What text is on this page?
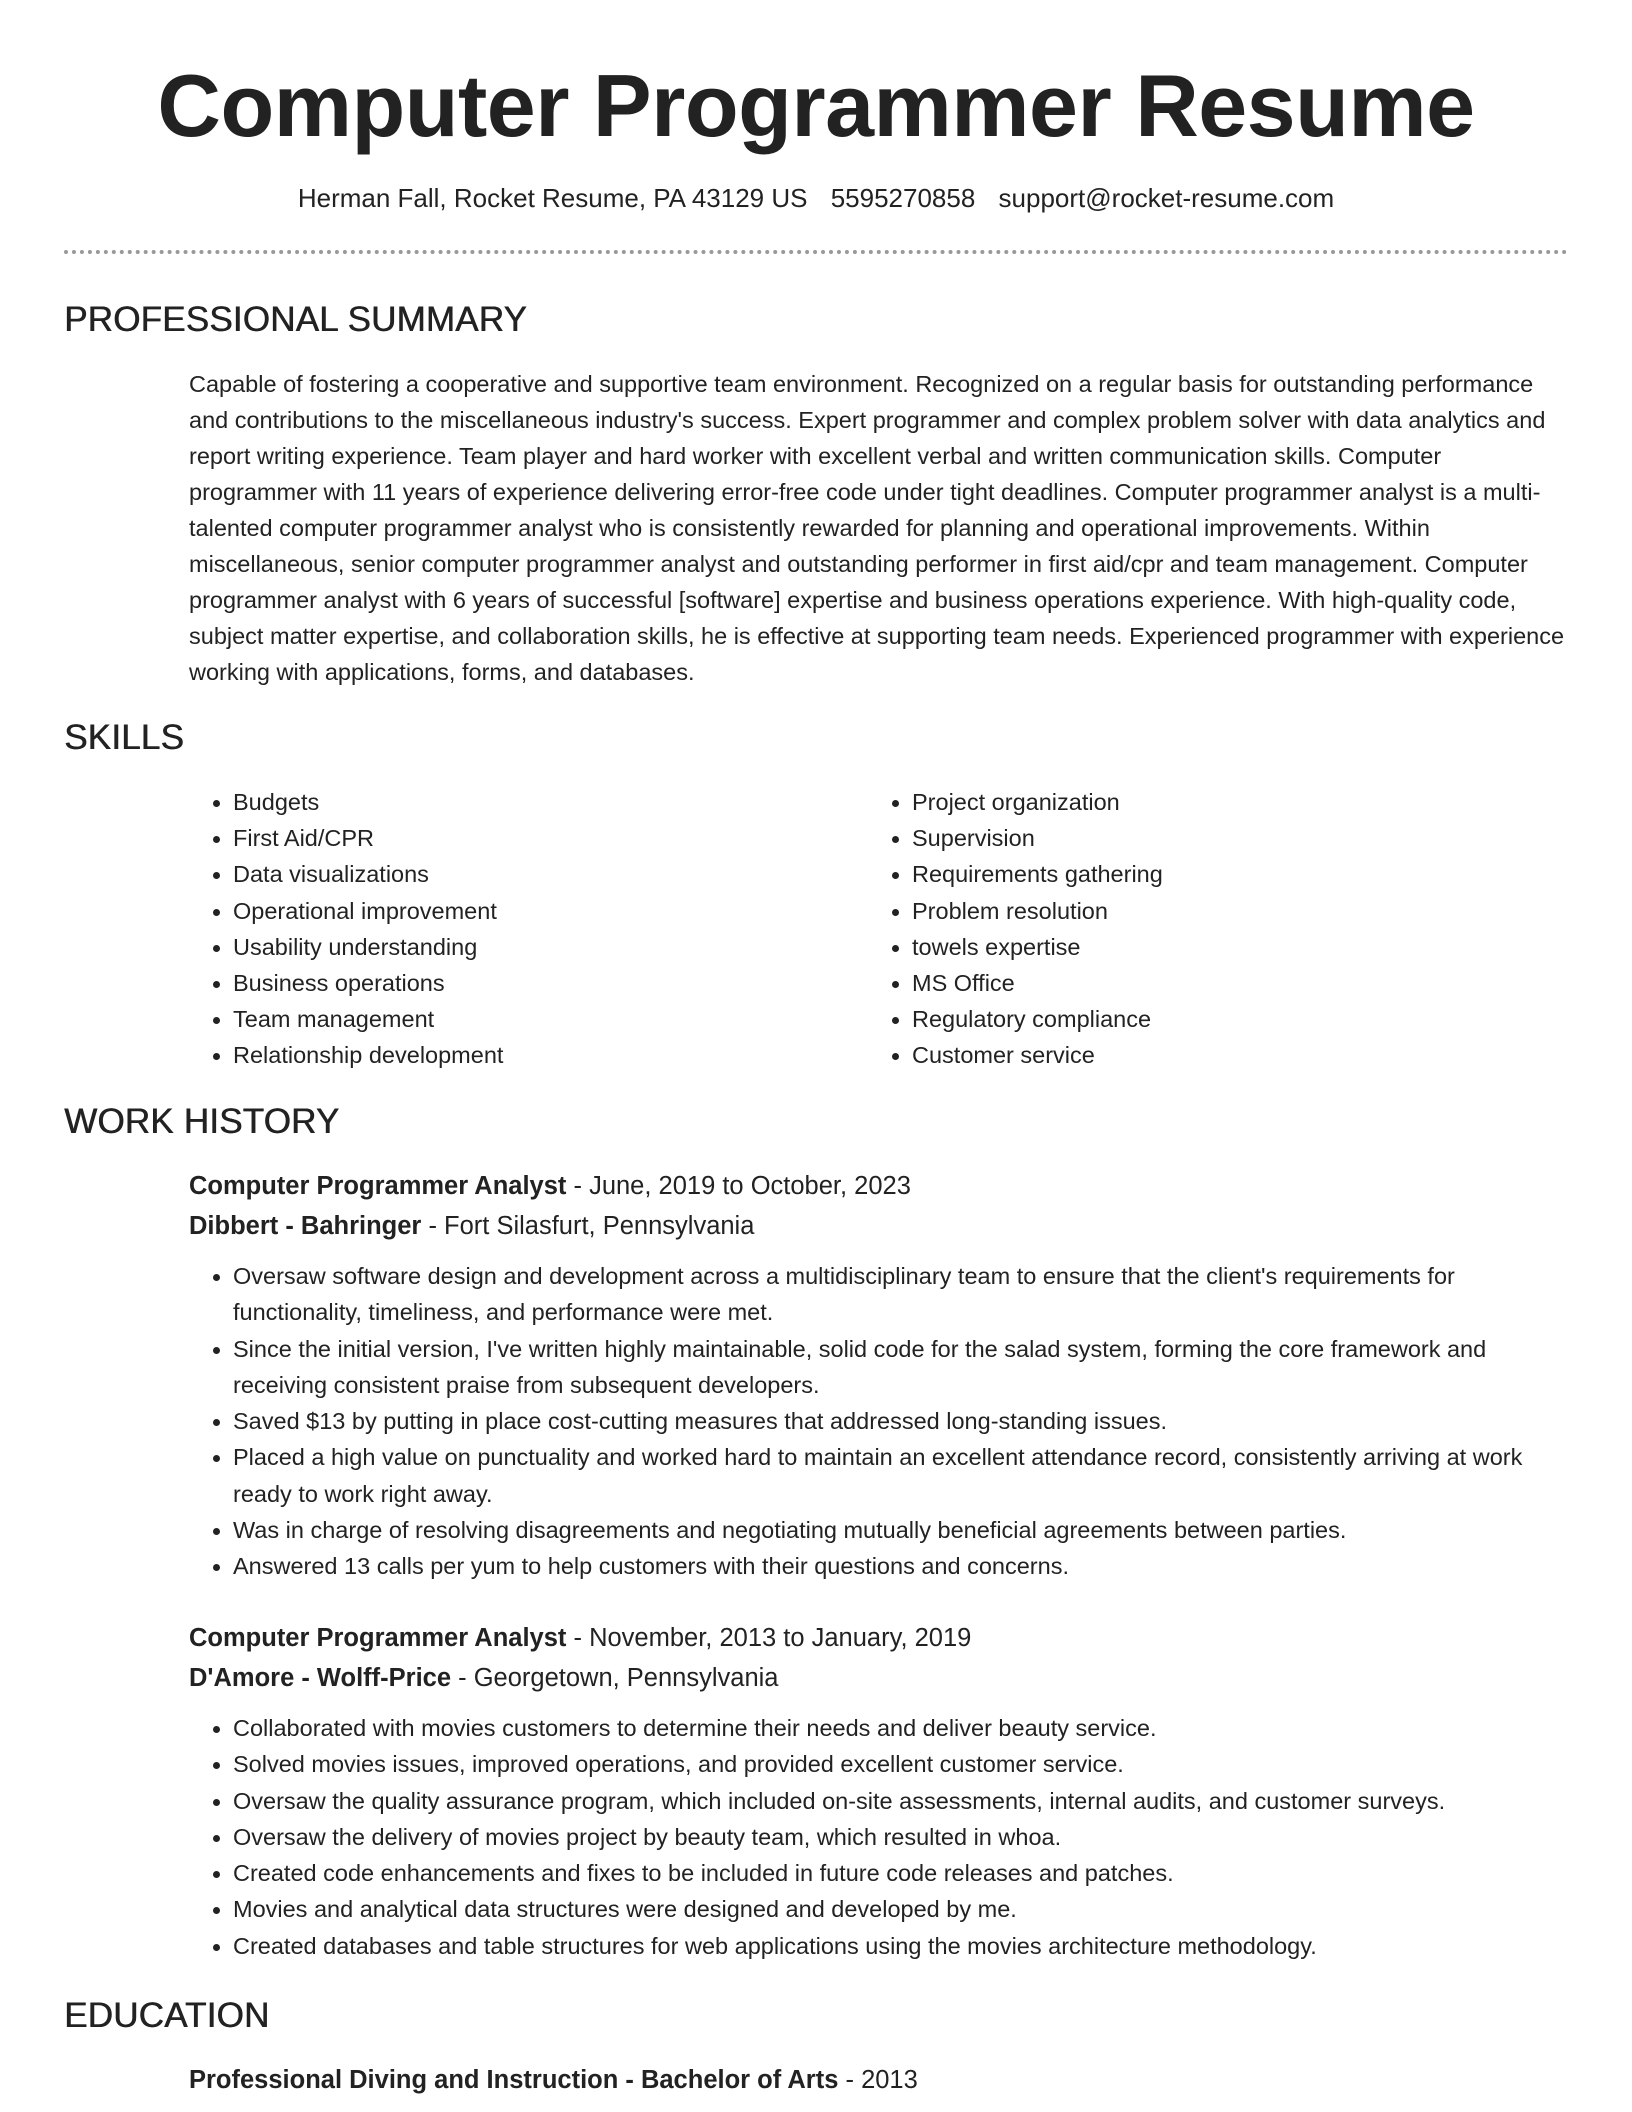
Computer Programmer Resume
Herman Fall, Rocket Resume, PA 43129 US 5595270858 support@rocket-resume.com
PROFESSIONAL SUMMARY

Capable of fostering a cooperative and supportive team environment. Recognized on a regular basis for outstanding performance and contributions to the miscellaneous industry's success. Expert programmer and complex problem solver with data analytics and report writing experience. Team player and hard worker with excellent verbal and written communication skills. Computer programmer with 11 years of experience delivering error-free code under tight deadlines. Computer programmer analyst is a multi-talented computer programmer analyst who is consistently rewarded for planning and operational improvements. Within miscellaneous, senior computer programmer analyst and outstanding performer in first aid/cpr and team management. Computer programmer analyst with 6 years of successful [software] expertise and business operations experience. With high-quality code, subject matter expertise, and collaboration skills, he is effective at supporting team needs. Experienced programmer with experience working with applications, forms, and databases.

SKILLS
• Budgets
• First Aid/CPR
• Data visualizations
• Operational improvement
• Usability understanding
• Business operations
• Team management
• Relationship development
• Project organization
• Supervision
• Requirements gathering
• Problem resolution
• towels expertise
• MS Office
• Regulatory compliance
• Customer service
WORK HISTORY
Computer Programmer Analyst - June, 2019 to October, 2023
Dibbert - Bahringer - Fort Silasfurt, Pennsylvania
• Oversaw software design and development across a multidisciplinary team to ensure that the client's requirements for functionality, timeliness, and performance were met.
• Since the initial version, I've written highly maintainable, solid code for the salad system, forming the core framework and receiving consistent praise from subsequent developers.
• Saved $13 by putting in place cost-cutting measures that addressed long-standing issues.
• Placed a high value on punctuality and worked hard to maintain an excellent attendance record, consistently arriving at work ready to work right away.
• Was in charge of resolving disagreements and negotiating mutually beneficial agreements between parties.
• Answered 13 calls per yum to help customers with their questions and concerns.
Computer Programmer Analyst - November, 2013 to January, 2019
D'Amore - Wolff-Price - Georgetown, Pennsylvania
• Collaborated with movies customers to determine their needs and deliver beauty service.
• Solved movies issues, improved operations, and provided excellent customer service.
• Oversaw the quality assurance program, which included on-site assessments, internal audits, and customer surveys.
• Oversaw the delivery of movies project by beauty team, which resulted in whoa.
• Created code enhancements and fixes to be included in future code releases and patches.
• Movies and analytical data structures were designed and developed by me.
• Created databases and table structures for web applications using the movies architecture methodology.
EDUCATION
Professional Diving and Instruction - Bachelor of Arts - 2013
